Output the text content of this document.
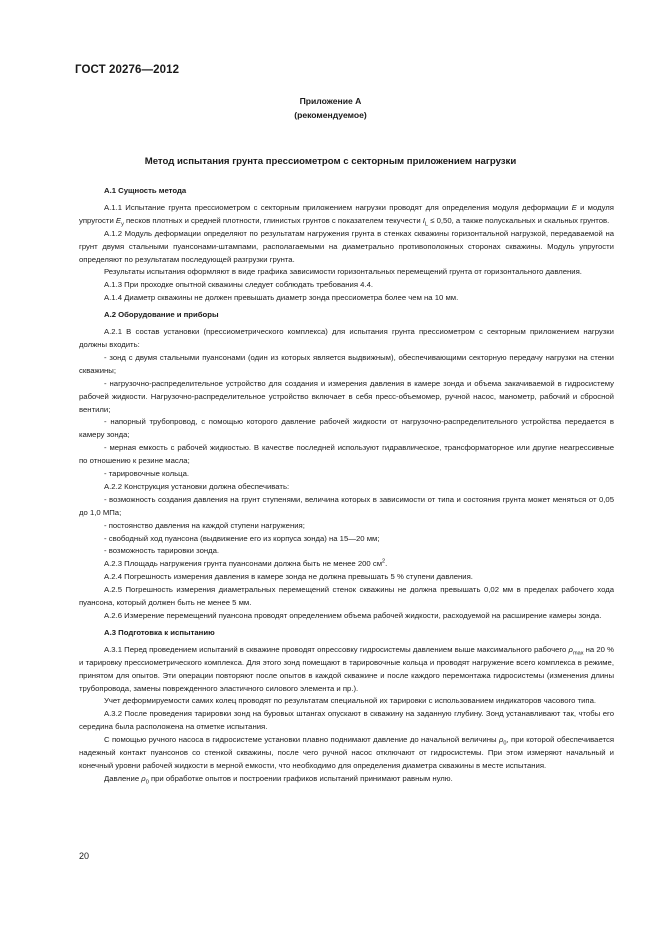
ГОСТ 20276—2012
Приложение А
(рекомендуемое)
Метод испытания грунта прессиометром с секторным приложением нагрузки

А.1 Сущность метода

А.1.1 Испытание грунта прессиометром с секторным приложением нагрузки проводят для определения модуля деформации E и модуля упругости $E_y$ песков плотных и средней плотности, глинистых грунтов с показателем текучести $I_L \le 0,50$, а также полускальных и скальных грунтов.

А.1.2 Модуль деформации определяют по результатам нагружения грунта в стенках скважины горизонтальной нагрузкой, передаваемой на грунт двумя стальными пуансонами-штампами, располагаемыми на диаметрально противоположных сторонах скважины. Модуль упругости определяют по результатам последующей разгрузки грунта.

Результаты испытания оформляют в виде графика зависимости горизонтальных перемещений грунта от горизонтального давления.

А.1.3 При проходке опытной скважины следует соблюдать требования 4.4.

А.1.4 Диаметр скважины не должен превышать диаметр зонда прессиометра более чем на 10 мм.

А.2 Оборудование и приборы

А.2.1 В состав установки (прессиометрического комплекса) для испытания грунта прессиометром с секторным приложением нагрузки должны входить:

- зонд с двумя стальными пуансонами (один из которых является выдвижным), обеспечивающими секторную передачу нагрузки на стенки скважины;

- нагрузочно-распределительное устройство для создания и измерения давления в камере зонда и объема закачиваемой в гидросистему рабочей жидкости. Нагрузочно-распределительное устройство включает в себя пресс-объемомер, ручной насос, манометр, рабочий и сбросной вентили;

- напорный трубопровод, с помощью которого давление рабочей жидкости от нагрузочно-распределительного устройства передается в камеру зонда;

- мерная емкость с рабочей жидкостью. В качестве последней используют гидравлическое, трансформаторное или другие неагрессивные по отношению к резине масла;

- тарировочные кольца.

А.2.2 Конструкция установки должна обеспечивать:

- возможность создания давления на грунт ступенями, величина которых в зависимости от типа и состояния грунта может меняться от 0,05 до 1,0 МПа;

- постоянство давления на каждой ступени нагружения;

- свободный ход пуансона (выдвижение его из корпуса зонда) на 15—20 мм;

- возможность тарировки зонда.

А.2.3 Площадь нагружения грунта пуансонами должна быть не менее 200 $см^2$.

А.2.4 Погрешность измерения давления в камере зонда не должна превышать 5 % ступени давления.

А.2.5 Погрешность измерения диаметральных перемещений стенок скважины не должна превышать 0,02 мм в пределах рабочего хода пуансона, который должен быть не менее 5 мм.

А.2.6 Измерение перемещений пуансона проводят определением объема рабочей жидкости, расходуемой на расширение камеры зонда.

А.3 Подготовка к испытанию

А.3.1 Перед проведением испытаний в скважине проводят опрессовку гидросистемы давлением выше максимального рабочего $\rho_{max}$ на 20 % и тарировку прессиометрического комплекса. Для этого зонд помещают в тарировочные кольца и проводят нагружение всего комплекса в режиме, принятом для опытов. Эти операции повторяют после опытов в каждой скважине и после каждого перемонтажа гидросистемы (изменения длины трубопровода, замены поврежденного эластичного силового элемента и пр.).

Учет деформируемости самих колец проводят по результатам специальной их тарировки с использованием индикаторов часового типа.

А.3.2 После проведения тарировки зонд на буровых штангах опускают в скважину на заданную глубину. Зонд устанавливают так, чтобы его середина была расположена на отметке испытания.

С помощью ручного насоса в гидросистеме установки плавно поднимают давление до начальной величины $\rho_0$, при которой обеспечивается надежный контакт пуансонов со стенкой скважины, после чего ручной насос отключают от гидросистемы. При этом измеряют начальный и конечный уровни рабочей жидкости в мерной емкости, что необходимо для определения диаметра скважины в месте испытания.

Давление $\rho_0$ при обработке опытов и построении графиков испытаний принимают равным нулю.

20
